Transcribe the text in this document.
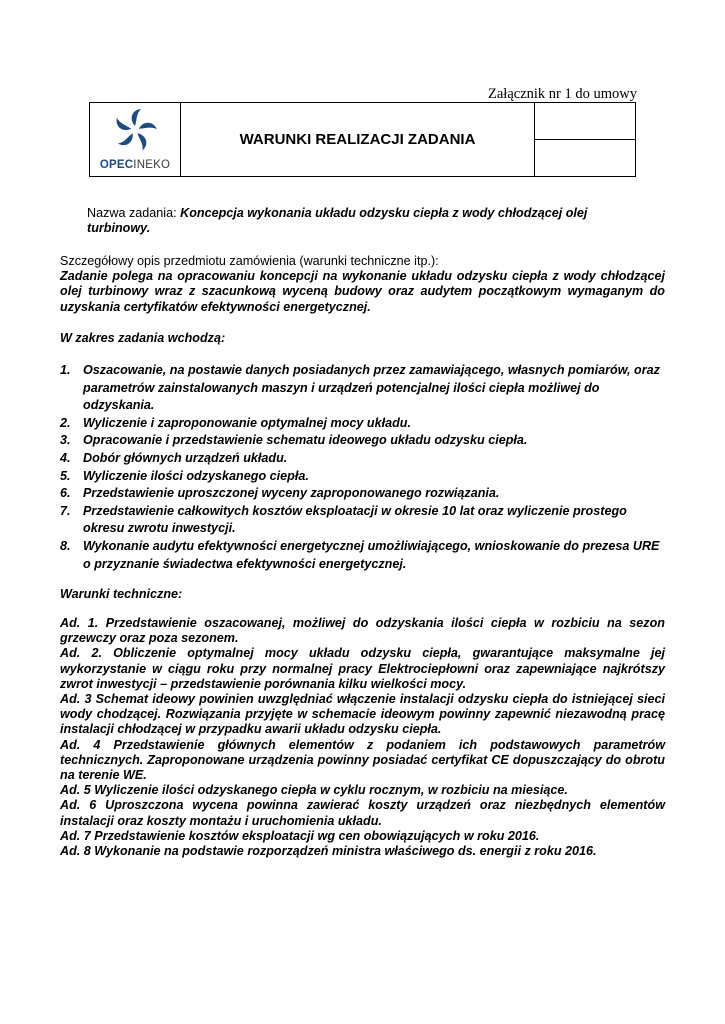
Załącznik nr 1 do umowy
OPECINEKO
	WARUNKI REALIZACJI ZADANIA	

Nazwa zadania: Koncepcja wykonania układu odzysku ciepła z wody chłodzącej olej turbinowy.
Szczegółowy opis przedmiotu zamówienia (warunki techniczne itp.):
Zadanie polega na opracowaniu koncepcji na wykonanie układu odzysku ciepła z wody chłodzącej olej turbinowy wraz z szacunkową wyceną budowy oraz audytem początkowym wymaganym do uzyskania certyfikatów efektywności energetycznej.
W zakres zadania wchodzą:
1. Oszacowanie, na postawie danych posiadanych przez zamawiającego, własnych pomiarów, oraz parametrów zainstalowanych maszyn i urządzeń potencjalnej ilości ciepła możliwej do odzyskania.
2. Wyliczenie i zaproponowanie optymalnej mocy układu.
3. Opracowanie i przedstawienie schematu ideowego układu odzysku ciepła.
4. Dobór głównych urządzeń układu.
5. Wyliczenie ilości odzyskanego ciepła.
6. Przedstawienie uproszczonej wyceny zaproponowanego rozwiązania.
7. Przedstawienie całkowitych kosztów eksploatacji w okresie 10 lat oraz wyliczenie prostego okresu zwrotu inwestycji.
8. Wykonanie audytu efektywności energetycznej umożliwiającego, wnioskowanie do prezesa URE o przyznanie świadectwa efektywności energetycznej.
Warunki techniczne:
Ad. 1. Przedstawienie oszacowanej, możliwej do odzyskania ilości ciepła w rozbiciu na sezon grzewczy oraz poza sezonem.
Ad. 2. Obliczenie optymalnej mocy układu odzysku ciepła, gwarantujące maksymalne jej wykorzystanie w ciągu roku przy normalnej pracy Elektrociepłowni oraz zapewniające najkrótszy zwrot inwestycji – przedstawienie porównania kilku wielkości mocy.
Ad. 3 Schemat ideowy powinien uwzględniać włączenie instalacji odzysku ciepła do istniejącej sieci wody chodzącej. Rozwiązania przyjęte w schemacie ideowym powinny zapewnić niezawodną pracę instalacji chłodzącej w przypadku awarii układu odzysku ciepła.
Ad. 4 Przedstawienie głównych elementów z podaniem ich podstawowych parametrów technicznych. Zaproponowane urządzenia powinny posiadać certyfikat CE dopuszczający do obrotu na terenie WE.
Ad. 5 Wyliczenie ilości odzyskanego ciepła w cyklu rocznym, w rozbiciu na miesiące.
Ad. 6 Uproszczona wycena powinna zawierać koszty urządzeń oraz niezbędnych elementów instalacji oraz koszty montażu i uruchomienia układu.
Ad. 7 Przedstawienie kosztów eksploatacji wg cen obowiązujących w roku 2016.
Ad. 8 Wykonanie na podstawie rozporządzeń ministra właściwego ds. energii z roku 2016.
